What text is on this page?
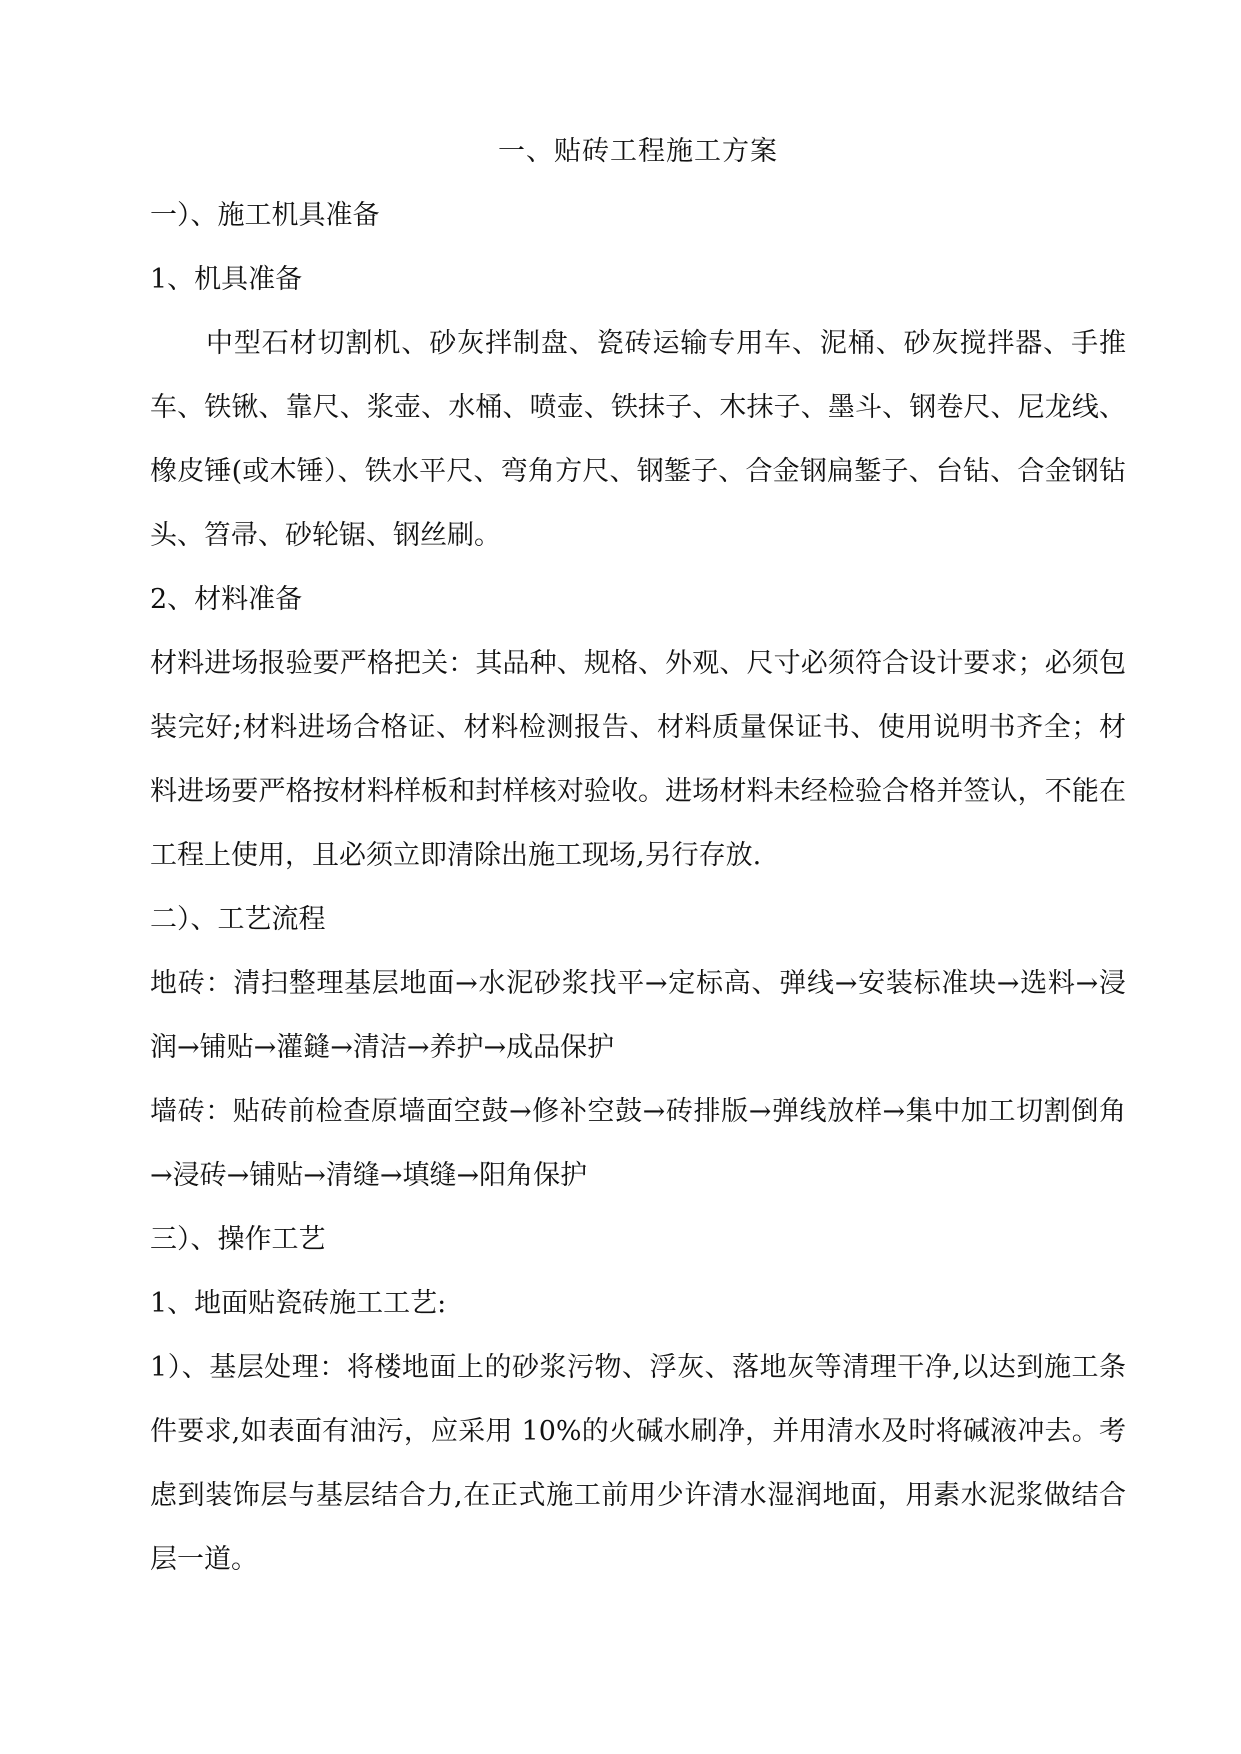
一、贴砖工程施工方案

一）、施工机具准备

1、机具准备

中型石材切割机、砂灰拌制盘、瓷砖运输专用车、泥桶、砂灰搅拌器、手推车、铁锹、靠尺、浆壶、水桶、喷壶、铁抹子、木抹子、墨斗、钢卷尺、尼龙线、橡皮锤(或木锤）、铁水平尺、弯角方尺、钢錾子、合金钢扁錾子、台钻、合金钢钻头、笤帚、砂轮锯、钢丝刷。

2、材料准备

材料进场报验要严格把关：其品种、规格、外观、尺寸必须符合设计要求；必须包装完好;材料进场合格证、材料检测报告、材料质量保证书、使用说明书齐全；材料进场要严格按材料样板和封样核对验收。进场材料未经检验合格并签认，不能在工程上使用，且必须立即清除出施工现场,另行存放.

二）、工艺流程

地砖：清扫整理基层地面→水泥砂浆找平→定标高、弹线→安装标准块→选料→浸润→铺贴→灌鏠→清洁→养护→成品保护

墙砖：贴砖前检查原墙面空鼓→修补空鼓→砖排版→弹线放样→集中加工切割倒角→浸砖→铺贴→清缝→填缝→阳角保护

三）、操作工艺

1、地面贴瓷砖施工工艺:

1）、基层处理：将楼地面上的砂浆污物、浮灰、落地灰等清理干净,以达到施工条件要求,如表面有油污，应采用 10%的火碱水刷净，并用清水及时将碱液冲去。考虑到装饰层与基层结合力,在正式施工前用少许清水湿润地面，用素水泥浆做结合层一道。
